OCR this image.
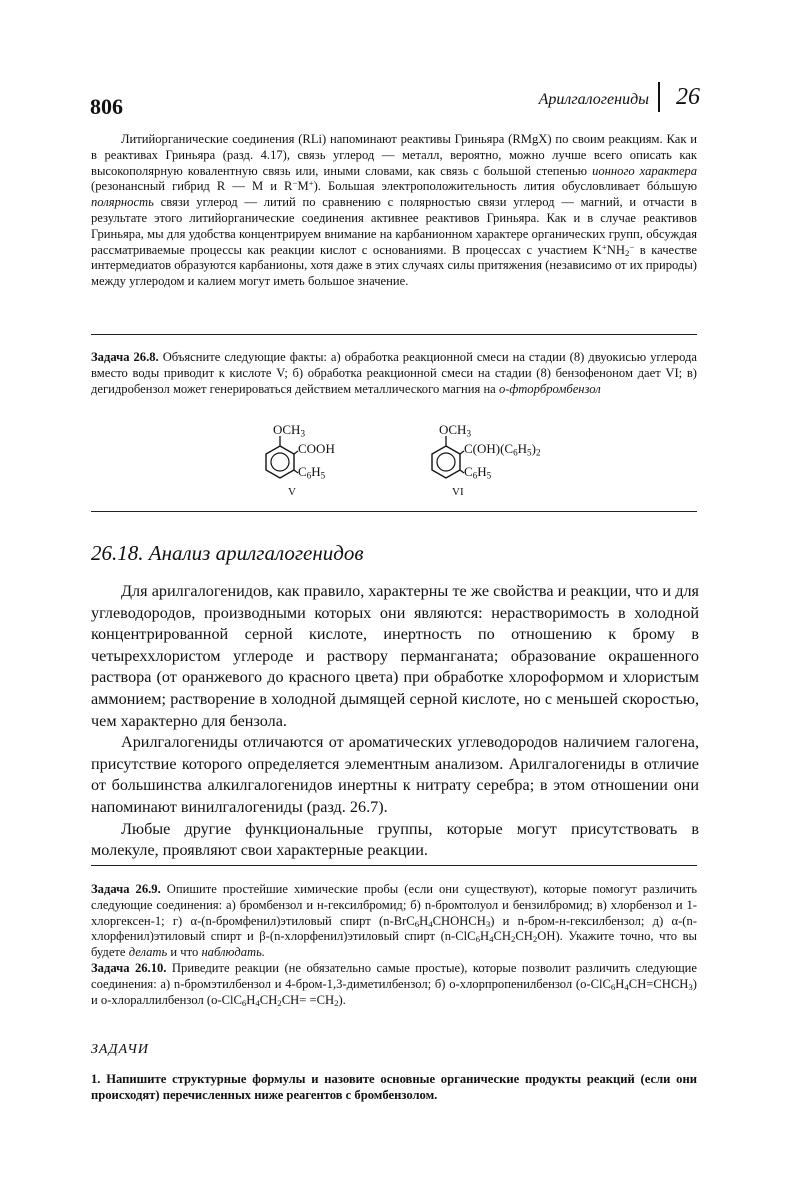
806	Арилгалогениды 26

Литийорганические соединения (RLi) напоминают реактивы Гриньяра (RMgX) по своим реакциям. Как и в реактивах Гриньяра (разд. 4.17), связь углерод — металл, вероятно, можно лучше всего описать как высокополярную ковалентную связь или, иными словами, как связь с большой степенью ионного характера (резонансный гибрид R — M и R−M+). Большая электроположительность лития обусловливает бóльшую полярность связи углерод — литий по сравнению с полярностью связи углерод — магний, и отчасти в результате этого литийорганические соединения активнее реактивов Гриньяра. Как и в случае реактивов Гриньяра, мы для удобства концентрируем внимание на карбанионном характере органических групп, обсуждая рассматриваемые процессы как реакции кислот с основаниями. В процессах с участием $K^+NH_2^-$ в качестве интермедиатов образуются карбанионы, хотя даже в этих случаях силы притяжения (независимо от их природы) между углеродом и калием могут иметь большое значение.

Задача 26.8. Объясните следующие факты: а) обработка реакционной смеси на стадии (8) двуокисью углерода вместо воды приводит к кислоте V; б) обработка реакционной смеси на стадии (8) бензофеноном дает VI; в) дегидробензол может генерироваться действием металлического магния на о-фторбромбензол

$OCH_3$
COOH
$C_6H_5$
V
$OCH_3$
$C(OH)(C_6H_5)_2$
$C_6H_5$
VI
26.18. Анализ арилгалогенидов

Для арилгалогенидов, как правило, характерны те же свойства и реакции, что и для углеводородов, производными которых они являются: нерастворимость в холодной концентрированной серной кислоте, инертность по отношению к брому в четыреххлористом углероде и раствору перманганата; образование окрашенного раствора (от оранжевого до красного цвета) при обработке хлороформом и хлористым аммонием; растворение в холодной дымящей серной кислоте, но с меньшей скоростью, чем характерно для бензола.

Арилгалогениды отличаются от ароматических углеводородов наличием галогена, присутствие которого определяется элементным анализом. Арилгалогениды в отличие от большинства алкилгалогенидов инертны к нитрату серебра; в этом отношении они напоминают винилгалогениды (разд. 26.7).

Любые другие функциональные группы, которые могут присутствовать в молекуле, проявляют свои характерные реакции.

Задача 26.9. Опишите простейшие химические пробы (если они существуют), которые помогут различить следующие соединения: а) бромбензол и н-гексилбромид; б) n-бромтолуол и бензилбромид; в) хлорбензол и 1-хлоргексен-1; г) α-(n-бромфенил)этиловый спирт $(n-BrC_6H_4CHOHCH_3)$ и n-бром-н-гексилбензол; д) α-(n-хлорфенил)этиловый спирт и β-(n-хлорфенил)этиловый спирт $(n-ClC_6H_4CH_2CH_2OH)$. Укажите точно, что вы будете делать и что наблюдать.

Задача 26.10. Приведите реакции (не обязательно самые простые), которые позволит различить следующие соединения: а) n-бромэтилбензол и 4-бром-1,3-диметилбензол; б) о-хлорпропенилбензол $(о-ClC_6H_4CH=CHCH_3)$ и о-хлораллилбензол $(о-ClC_6H_4CH_2CH= =CH_2)$.

ЗАДАЧИ

1. Напишите структурные формулы и назовите основные органические продукты реакций (если они происходят) перечисленных ниже реагентов с бромбензолом.
